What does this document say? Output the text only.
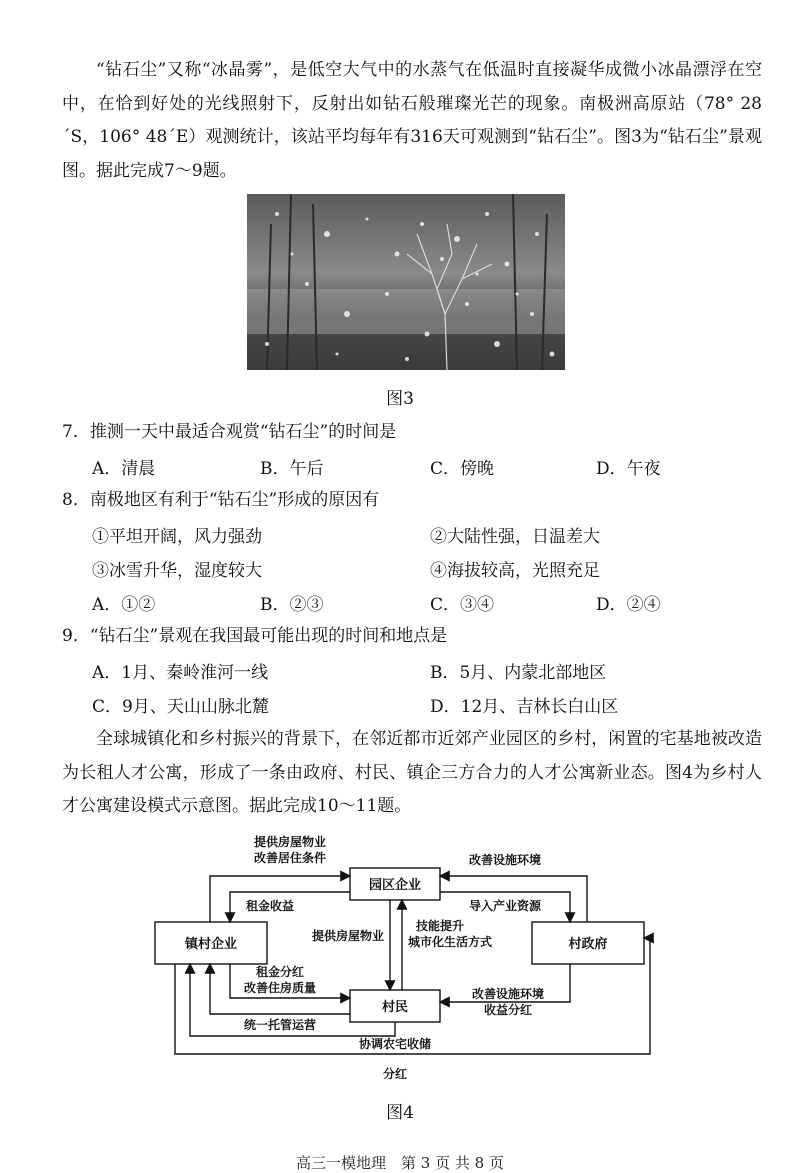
“钻石尘”又称“冰晶雾”，是低空大气中的水蒸气在低温时直接凝华成微小冰晶漂浮在空中，在恰到好处的光线照射下，反射出如钻石般璀璨光芒的现象。南极洲高原站（78° 28´S，106° 48´E）观测统计，该站平均每年有316天可观测到“钻石尘”。图3为“钻石尘”景观图。据此完成7～9题。

图3
7．推测一天中最适合观赏“钻石尘”的时间是
A．清晨	B．午后	C．傍晚	D．午夜
8．南极地区有利于“钻石尘”形成的原因有
①平坦开阔，风力强劲	②大陆性强，日温差大
③冰雪升华，湿度较大	④海拔较高，光照充足
A．①②	B．②③	C．③④	D．②④
9．“钻石尘”景观在我国最可能出现的时间和地点是
A．1月、秦岭淮河一线	B．5月、内蒙北部地区
C．9月、天山山脉北麓	D．12月、吉林长白山区

全球城镇化和乡村振兴的背景下，在邻近都市近郊产业园区的乡村，闲置的宅基地被改造为长租人才公寓，形成了一条由政府、村民、镇企三方合力的人才公寓新业态。图4为乡村人才公寓建设模式示意图。据此完成10～11题。

园区企业
镇村企业	村政府
村民
提供房屋物业
改善居住条件
租金收益
改善设施环境
导入产业资源
提供房屋物业
技能提升
城市化生活方式
租金分红
改善住房质量
统一托管运营
改善设施环境
收益分红
协调农宅收储
分红
图4
高三一模地理　第 3 页 共 8 页
